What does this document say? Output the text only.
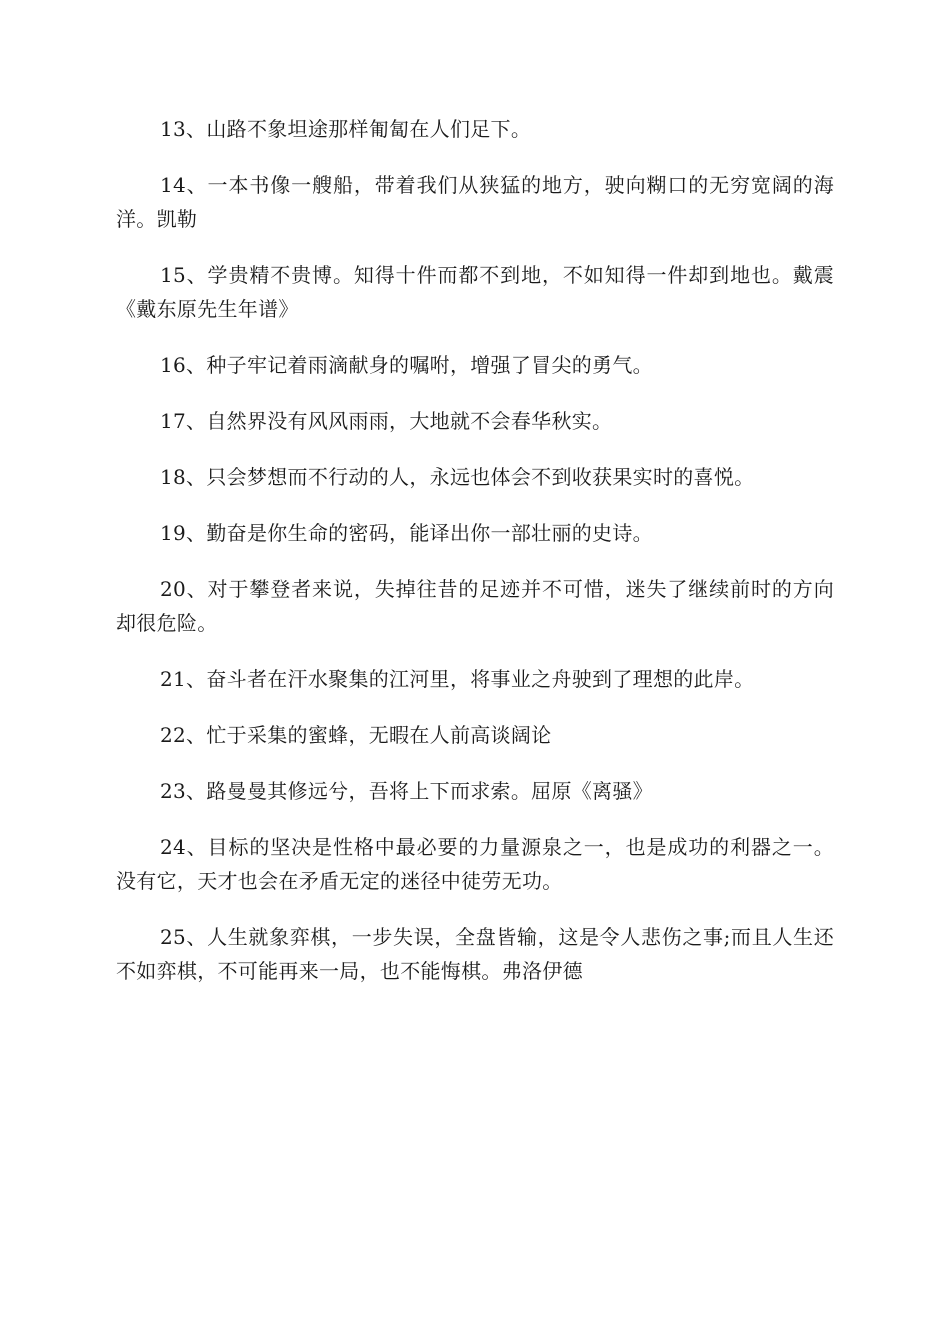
13、山路不象坦途那样匍匐在人们足下。

14、一本书像一艘船，带着我们从狭猛的地方，驶向糊口的无穷宽阔的海洋。凯勒

15、学贵精不贵博。知得十件而都不到地，不如知得一件却到地也。戴震《戴东原先生年谱》

16、种子牢记着雨滴献身的嘱咐，增强了冒尖的勇气。

17、自然界没有风风雨雨，大地就不会春华秋实。

18、只会梦想而不行动的人，永远也体会不到收获果实时的喜悦。

19、勤奋是你生命的密码，能译出你一部壮丽的史诗。

20、对于攀登者来说，失掉往昔的足迹并不可惜，迷失了继续前时的方向却很危险。

21、奋斗者在汗水聚集的江河里，将事业之舟驶到了理想的此岸。

22、忙于采集的蜜蜂，无暇在人前高谈阔论

23、路曼曼其修远兮，吾将上下而求索。屈原《离骚》

24、目标的坚决是性格中最必要的力量源泉之一，也是成功的利器之一。没有它，天才也会在矛盾无定的迷径中徒劳无功。

25、人生就象弈棋，一步失误，全盘皆输，这是令人悲伤之事;而且人生还不如弈棋，不可能再来一局，也不能悔棋。弗洛伊德
